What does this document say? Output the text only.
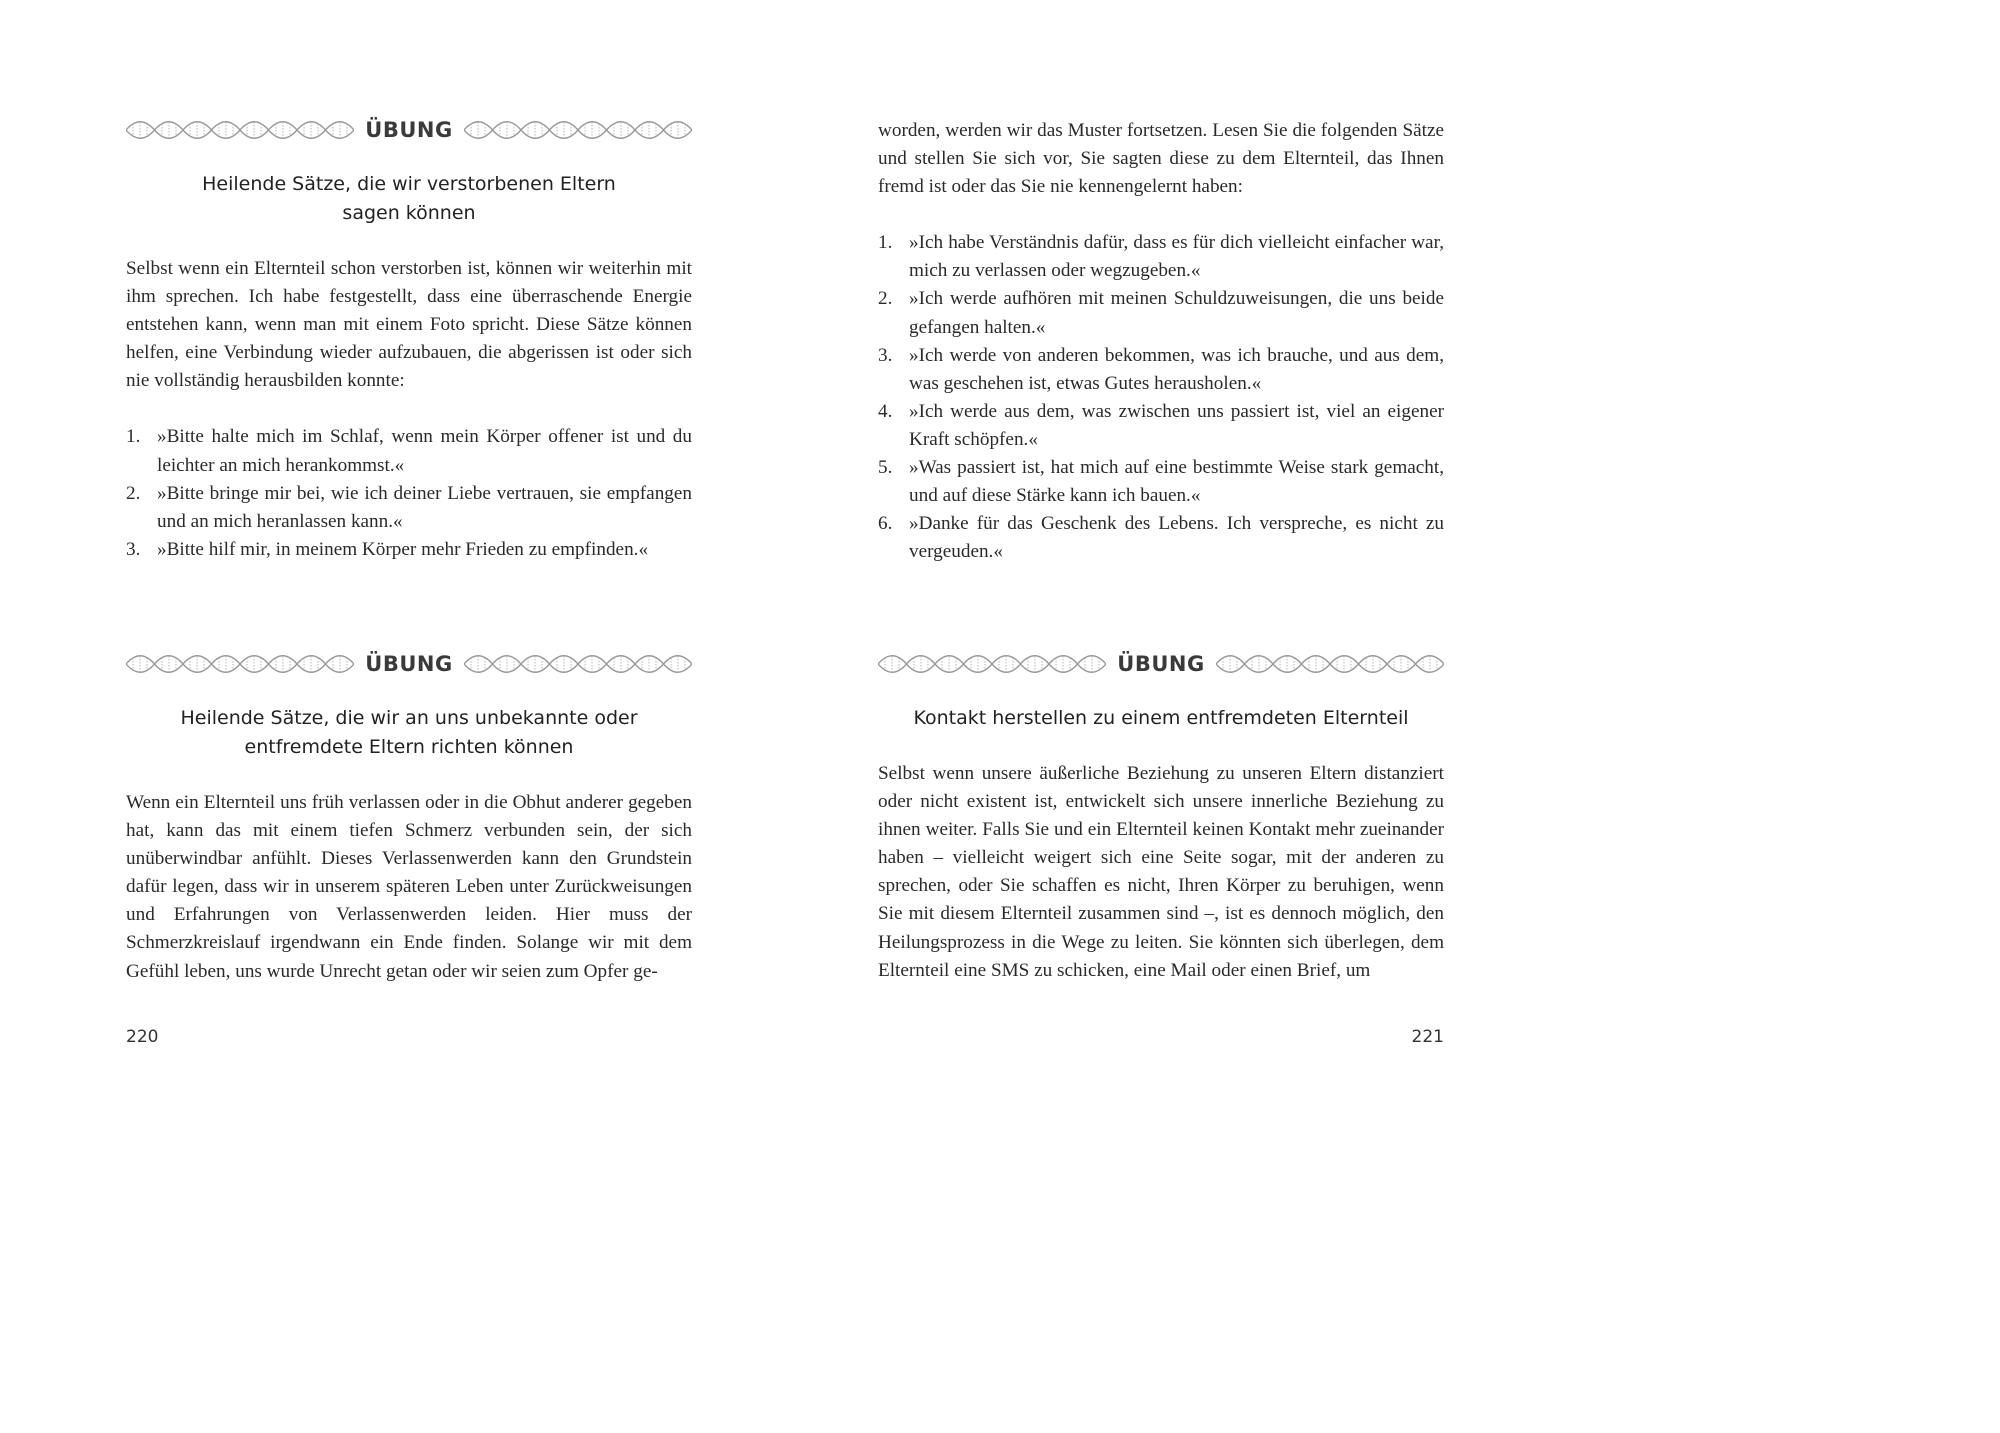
ÜBUNG
Heilende Sätze, die wir verstorbenen Eltern
sagen können

Selbst wenn ein Elternteil schon verstorben ist, können wir weiterhin mit ihm sprechen. Ich habe festgestellt, dass eine überraschende Energie entstehen kann, wenn man mit einem Foto spricht. Diese Sätze können helfen, eine Verbindung wieder aufzubauen, die abgerissen ist oder sich nie vollständig herausbilden konnte:

1. »Bitte halte mich im Schlaf, wenn mein Körper offener ist und du leichter an mich herankommst.«
2. »Bitte bringe mir bei, wie ich deiner Liebe vertrauen, sie empfangen und an mich heranlassen kann.«
3. »Bitte hilf mir, in meinem Körper mehr Frieden zu empfinden.«
ÜBUNG
Heilende Sätze, die wir an uns unbekannte oder
entfremdete Eltern richten können

Wenn ein Elternteil uns früh verlassen oder in die Obhut anderer gegeben hat, kann das mit einem tiefen Schmerz verbunden sein, der sich unüberwindbar anfühlt. Dieses Verlassenwerden kann den Grundstein dafür legen, dass wir in unserem späteren Leben unter Zurückweisungen und Erfahrungen von Verlassenwerden leiden. Hier muss der Schmerzkreislauf irgendwann ein Ende finden. Solange wir mit dem Gefühl leben, uns wurde Unrecht getan oder wir seien zum Opfer ge-

220

worden, werden wir das Muster fortsetzen. Lesen Sie die folgenden Sätze und stellen Sie sich vor, Sie sagten diese zu dem Elternteil, das Ihnen fremd ist oder das Sie nie kennengelernt haben:

1. »Ich habe Verständnis dafür, dass es für dich vielleicht einfacher war, mich zu verlassen oder wegzugeben.«
2. »Ich werde aufhören mit meinen Schuldzuweisungen, die uns beide gefangen halten.«
3. »Ich werde von anderen bekommen, was ich brauche, und aus dem, was geschehen ist, etwas Gutes herausholen.«
4. »Ich werde aus dem, was zwischen uns passiert ist, viel an eigener Kraft schöpfen.«
5. »Was passiert ist, hat mich auf eine bestimmte Weise stark gemacht, und auf diese Stärke kann ich bauen.«
6. »Danke für das Geschenk des Lebens. Ich verspreche, es nicht zu vergeuden.«
ÜBUNG
Kontakt herstellen zu einem entfremdeten Elternteil

Selbst wenn unsere äußerliche Beziehung zu unseren Eltern distanziert oder nicht existent ist, entwickelt sich unsere innerliche Beziehung zu ihnen weiter. Falls Sie und ein Elternteil keinen Kontakt mehr zueinander haben – vielleicht weigert sich eine Seite sogar, mit der anderen zu sprechen, oder Sie schaffen es nicht, Ihren Körper zu beruhigen, wenn Sie mit diesem Elternteil zusammen sind –, ist es dennoch möglich, den Heilungsprozess in die Wege zu leiten. Sie könnten sich überlegen, dem Elternteil eine SMS zu schicken, eine Mail oder einen Brief, um

221
